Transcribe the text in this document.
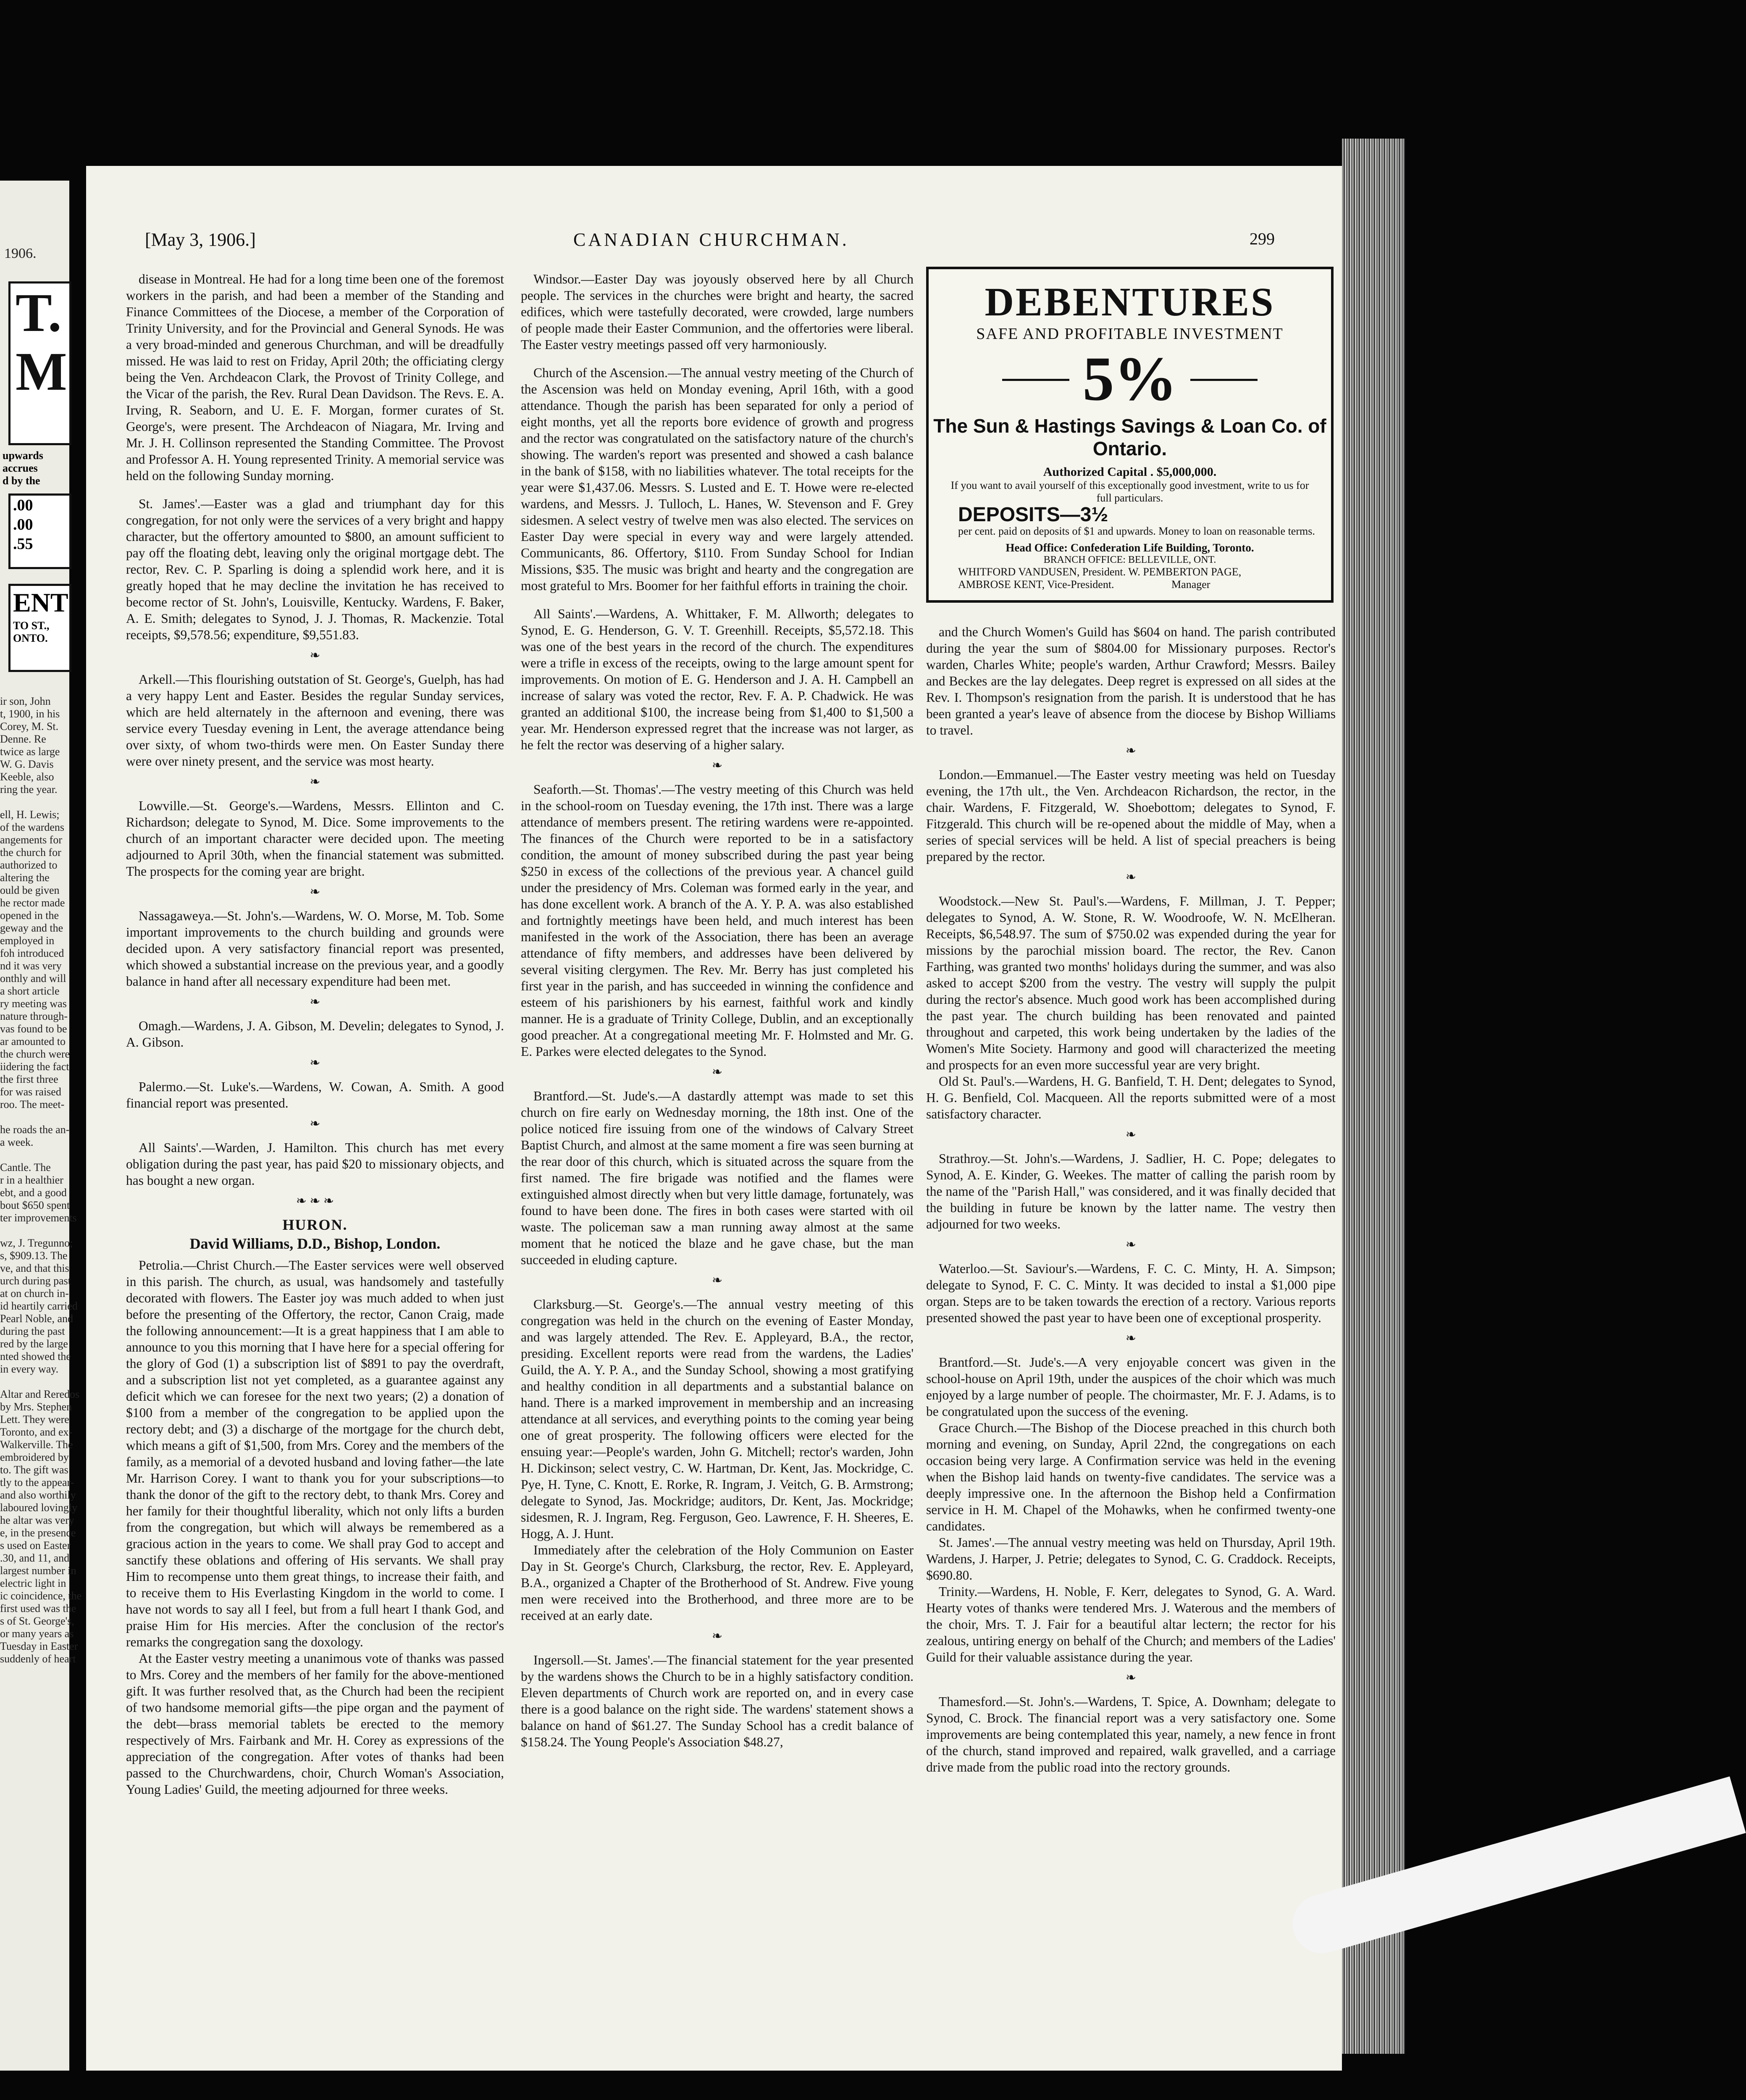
1906.
T.
M
upwards
accrues
d by the
.00
.00
.55
ENT
TO ST.,
ONTO.
ir son, John
t, 1900, in his
Corey, M. St.
Denne. Re
twice as large
W. G. Davis
Keeble, also
ring the year.

ell, H. Lewis;
of the wardens
angements for
the church for
authorized to
altering the
ould be given
he rector made
opened in the
geway and the
employed in
foh introduced
nd it was very
onthly and will
a short article
ry meeting was
nature through-
vas found to be
ar amounted to
the church were
iidering the fact
the first three
for was raised
roo. The meet-

he roads the an-
a week.

Cantle. The
r in a healthier
ebt, and a good
bout $650 spent
ter improvements

wz, J. Tregunno;
s, $909.13. The
ve, and that this
urch during past
at on church in-
id heartily carried
Pearl Noble, and
during the past
red by the large
nted showed the
in every way.

Altar and Reredos
by Mrs. Stephen
Lett. They were
Toronto, and ex-
Walkerville. The
embroidered by
to. The gift was
tly to the appear-
and also worthily
laboured lovingly
he altar was very
e, in the presence
s used on Easter
.30, and 11, and
largest number in
electric light in
ic coincidence, the
first used was the
s of St. George's,
or many years as
Tuesday in Easter
suddenly of heart
[May 3, 1906.]	CANADIAN CHURCHMAN.	299

disease in Montreal. He had for a long time been one of the foremost workers in the parish, and had been a member of the Standing and Finance Committees of the Diocese, a member of the Corporation of Trinity University, and for the Provincial and General Synods. He was a very broad-minded and generous Churchman, and will be dreadfully missed. He was laid to rest on Friday, April 20th; the officiating clergy being the Ven. Archdeacon Clark, the Provost of Trinity College, and the Vicar of the parish, the Rev. Rural Dean Davidson. The Revs. E. A. Irving, R. Seaborn, and U. E. F. Morgan, former curates of St. George's, were present. The Archdeacon of Niagara, Mr. Irving and Mr. J. H. Collinson represented the Standing Committee. The Provost and Professor A. H. Young represented Trinity. A memorial service was held on the following Sunday morning.

St. James'.—Easter was a glad and triumphant day for this congregation, for not only were the services of a very bright and happy character, but the offertory amounted to $800, an amount sufficient to pay off the floating debt, leaving only the original mortgage debt. The rector, Rev. C. P. Sparling is doing a splendid work here, and it is greatly hoped that he may decline the invitation he has received to become rector of St. John's, Louisville, Kentucky. Wardens, F. Baker, A. E. Smith; delegates to Synod, J. J. Thomas, R. Mackenzie. Total receipts, $9,578.56; expenditure, $9,551.83.

❧

Arkell.—This flourishing outstation of St. George's, Guelph, has had a very happy Lent and Easter. Besides the regular Sunday services, which are held alternately in the afternoon and evening, there was service every Tuesday evening in Lent, the average attendance being over sixty, of whom two-thirds were men. On Easter Sunday there were over ninety present, and the service was most hearty.

❧

Lowville.—St. George's.—Wardens, Messrs. Ellinton and C. Richardson; delegate to Synod, M. Dice. Some improvements to the church of an important character were decided upon. The meeting adjourned to April 30th, when the financial statement was submitted. The prospects for the coming year are bright.

❧

Nassagaweya.—St. John's.—Wardens, W. O. Morse, M. Tob. Some important improvements to the church building and grounds were decided upon. A very satisfactory financial report was presented, which showed a substantial increase on the previous year, and a goodly balance in hand after all necessary expenditure had been met.

❧

Omagh.—Wardens, J. A. Gibson, M. Develin; delegates to Synod, J. A. Gibson.

❧

Palermo.—St. Luke's.—Wardens, W. Cowan, A. Smith. A good financial report was presented.

❧

All Saints'.—Warden, J. Hamilton. This church has met every obligation during the past year, has paid $20 to missionary objects, and has bought a new organ.

❧ ❧ ❧
HURON.
David Williams, D.D., Bishop, London.

Petrolia.—Christ Church.—The Easter services were well observed in this parish. The church, as usual, was handsomely and tastefully decorated with flowers. The Easter joy was much added to when just before the presenting of the Offertory, the rector, Canon Craig, made the following announcement:—It is a great happiness that I am able to announce to you this morning that I have here for a special offering for the glory of God (1) a subscription list of $891 to pay the overdraft, and a subscription list not yet completed, as a guarantee against any deficit which we can foresee for the next two years; (2) a donation of $100 from a member of the congregation to be applied upon the rectory debt; and (3) a discharge of the mortgage for the church debt, which means a gift of $1,500, from Mrs. Corey and the members of the family, as a memorial of a devoted husband and loving father—the late Mr. Harrison Corey. I want to thank you for your subscriptions—to thank the donor of the gift to the rectory debt, to thank Mrs. Corey and her family for their thoughtful liberality, which not only lifts a burden from the congregation, but which will always be remembered as a gracious action in the years to come. We shall pray God to accept and sanctify these oblations and offering of His servants. We shall pray Him to recompense unto them great things, to increase their faith, and to receive them to His Everlasting Kingdom in the world to come. I have not words to say all I feel, but from a full heart I thank God, and praise Him for His mercies. After the conclusion of the rector's remarks the congregation sang the doxology.

At the Easter vestry meeting a unanimous vote of thanks was passed to Mrs. Corey and the members of her family for the above-mentioned gift. It was further resolved that, as the Church had been the recipient of two handsome memorial gifts—the pipe organ and the payment of the debt—brass memorial tablets be erected to the memory respectively of Mrs. Fairbank and Mr. H. Corey as expressions of the appreciation of the congregation. After votes of thanks had been passed to the Churchwardens, choir, Church Woman's Association, Young Ladies' Guild, the meeting adjourned for three weeks.

Windsor.—Easter Day was joyously observed here by all Church people. The services in the churches were bright and hearty, the sacred edifices, which were tastefully decorated, were crowded, large numbers of people made their Easter Communion, and the offertories were liberal. The Easter vestry meetings passed off very harmoniously.

Church of the Ascension.—The annual vestry meeting of the Church of the Ascension was held on Monday evening, April 16th, with a good attendance. Though the parish has been separated for only a period of eight months, yet all the reports bore evidence of growth and progress and the rector was congratulated on the satisfactory nature of the church's showing. The warden's report was presented and showed a cash balance in the bank of $158, with no liabilities whatever. The total receipts for the year were $1,437.06. Messrs. S. Lusted and E. T. Howe were re-elected wardens, and Messrs. J. Tulloch, L. Hanes, W. Stevenson and F. Grey sidesmen. A select vestry of twelve men was also elected. The services on Easter Day were special in every way and were largely attended. Communicants, 86. Offertory, $110. From Sunday School for Indian Missions, $35. The music was bright and hearty and the congregation are most grateful to Mrs. Boomer for her faithful efforts in training the choir.

All Saints'.—Wardens, A. Whittaker, F. M. Allworth; delegates to Synod, E. G. Henderson, G. V. T. Greenhill. Receipts, $5,572.18. This was one of the best years in the record of the church. The expenditures were a trifle in excess of the receipts, owing to the large amount spent for improvements. On motion of E. G. Henderson and J. A. H. Campbell an increase of salary was voted the rector, Rev. F. A. P. Chadwick. He was granted an additional $100, the increase being from $1,400 to $1,500 a year. Mr. Henderson expressed regret that the increase was not larger, as he felt the rector was deserving of a higher salary.

❧

Seaforth.—St. Thomas'.—The vestry meeting of this Church was held in the school-room on Tuesday evening, the 17th inst. There was a large attendance of members present. The retiring wardens were re-appointed. The finances of the Church were reported to be in a satisfactory condition, the amount of money subscribed during the past year being $250 in excess of the collections of the previous year. A chancel guild under the presidency of Mrs. Coleman was formed early in the year, and has done excellent work. A branch of the A. Y. P. A. was also established and fortnightly meetings have been held, and much interest has been manifested in the work of the Association, there has been an average attendance of fifty members, and addresses have been delivered by several visiting clergymen. The Rev. Mr. Berry has just completed his first year in the parish, and has succeeded in winning the confidence and esteem of his parishioners by his earnest, faithful work and kindly manner. He is a graduate of Trinity College, Dublin, and an exceptionally good preacher. At a congregational meeting Mr. F. Holmsted and Mr. G. E. Parkes were elected delegates to the Synod.

❧

Brantford.—St. Jude's.—A dastardly attempt was made to set this church on fire early on Wednesday morning, the 18th inst. One of the police noticed fire issuing from one of the windows of Calvary Street Baptist Church, and almost at the same moment a fire was seen burning at the rear door of this church, which is situated across the square from the first named. The fire brigade was notified and the flames were extinguished almost directly when but very little damage, fortunately, was found to have been done. The fires in both cases were started with oil waste. The policeman saw a man running away almost at the same moment that he noticed the blaze and he gave chase, but the man succeeded in eluding capture.

❧

Clarksburg.—St. George's.—The annual vestry meeting of this congregation was held in the church on the evening of Easter Monday, and was largely attended. The Rev. E. Appleyard, B.A., the rector, presiding. Excellent reports were read from the wardens, the Ladies' Guild, the A. Y. P. A., and the Sunday School, showing a most gratifying and healthy condition in all departments and a substantial balance on hand. There is a marked improvement in membership and an increasing attendance at all services, and everything points to the coming year being one of great prosperity. The following officers were elected for the ensuing year:—People's warden, John G. Mitchell; rector's warden, John H. Dickinson; select vestry, C. W. Hartman, Dr. Kent, Jas. Mockridge, C. Pye, H. Tyne, C. Knott, E. Rorke, R. Ingram, J. Veitch, G. B. Armstrong; delegate to Synod, Jas. Mockridge; auditors, Dr. Kent, Jas. Mockridge; sidesmen, R. J. Ingram, Reg. Ferguson, Geo. Lawrence, F. H. Sheeres, E. Hogg, A. J. Hunt.

Immediately after the celebration of the Holy Communion on Easter Day in St. George's Church, Clarksburg, the rector, Rev. E. Appleyard, B.A., organized a Chapter of the Brotherhood of St. Andrew. Five young men were received into the Brotherhood, and three more are to be received at an early date.

❧

Ingersoll.—St. James'.—The financial statement for the year presented by the wardens shows the Church to be in a highly satisfactory condition. Eleven departments of Church work are reported on, and in every case there is a good balance on the right side. The wardens' statement shows a balance on hand of $61.27. The Sunday School has a credit balance of $158.24. The Young People's Association $48.27,

DEBENTURES
SAFE AND PROFITABLE INVESTMENT
5%
The Sun & Hastings Savings & Loan Co. of Ontario.
Authorized Capital . $5,000,000.
If you want to avail yourself of this exceptionally good investment, write to us for full particulars.
DEPOSITS—3½
per cent. paid on deposits of $1 and upwards. Money to loan on reasonable terms.
Head Office: Confederation Life Building, Toronto.
BRANCH OFFICE: BELLEVILLE, ONT.
WHITFORD VANDUSEN, President. W. PEMBERTON PAGE,
AMBROSE KENT, Vice-President.                     Manager

and the Church Women's Guild has $604 on hand. The parish contributed during the year the sum of $804.00 for Missionary purposes. Rector's warden, Charles White; people's warden, Arthur Crawford; Messrs. Bailey and Beckes are the lay delegates. Deep regret is expressed on all sides at the Rev. I. Thompson's resignation from the parish. It is understood that he has been granted a year's leave of absence from the diocese by Bishop Williams to travel.

❧

London.—Emmanuel.—The Easter vestry meeting was held on Tuesday evening, the 17th ult., the Ven. Archdeacon Richardson, the rector, in the chair. Wardens, F. Fitzgerald, W. Shoebottom; delegates to Synod, F. Fitzgerald. This church will be re-opened about the middle of May, when a series of special services will be held. A list of special preachers is being prepared by the rector.

❧

Woodstock.—New St. Paul's.—Wardens, F. Millman, J. T. Pepper; delegates to Synod, A. W. Stone, R. W. Woodroofe, W. N. McElheran. Receipts, $6,548.97. The sum of $750.02 was expended during the year for missions by the parochial mission board. The rector, the Rev. Canon Farthing, was granted two months' holidays during the summer, and was also asked to accept $200 from the vestry. The vestry will supply the pulpit during the rector's absence. Much good work has been accomplished during the past year. The church building has been renovated and painted throughout and carpeted, this work being undertaken by the ladies of the Women's Mite Society. Harmony and good will characterized the meeting and prospects for an even more successful year are very bright.

Old St. Paul's.—Wardens, H. G. Banfield, T. H. Dent; delegates to Synod, H. G. Benfield, Col. Macqueen. All the reports submitted were of a most satisfactory character.

❧

Strathroy.—St. John's.—Wardens, J. Sadlier, H. C. Pope; delegates to Synod, A. E. Kinder, G. Weekes. The matter of calling the parish room by the name of the "Parish Hall," was considered, and it was finally decided that the building in future be known by the latter name. The vestry then adjourned for two weeks.

❧

Waterloo.—St. Saviour's.—Wardens, F. C. C. Minty, H. A. Simpson; delegate to Synod, F. C. C. Minty. It was decided to instal a $1,000 pipe organ. Steps are to be taken towards the erection of a rectory. Various reports presented showed the past year to have been one of exceptional prosperity.

❧

Brantford.—St. Jude's.—A very enjoyable concert was given in the school-house on April 19th, under the auspices of the choir which was much enjoyed by a large number of people. The choirmaster, Mr. F. J. Adams, is to be congratulated upon the success of the evening.

Grace Church.—The Bishop of the Diocese preached in this church both morning and evening, on Sunday, April 22nd, the congregations on each occasion being very large. A Confirmation service was held in the evening when the Bishop laid hands on twenty-five candidates. The service was a deeply impressive one. In the afternoon the Bishop held a Confirmation service in H. M. Chapel of the Mohawks, when he confirmed twenty-one candidates.

St. James'.—The annual vestry meeting was held on Thursday, April 19th. Wardens, J. Harper, J. Petrie; delegates to Synod, C. G. Craddock. Receipts, $690.80.

Trinity.—Wardens, H. Noble, F. Kerr, delegates to Synod, G. A. Ward. Hearty votes of thanks were tendered Mrs. J. Waterous and the members of the choir, Mrs. T. J. Fair for a beautiful altar lectern; the rector for his zealous, untiring energy on behalf of the Church; and members of the Ladies' Guild for their valuable assistance during the year.

❧

Thamesford.—St. John's.—Wardens, T. Spice, A. Downham; delegate to Synod, C. Brock. The financial report was a very satisfactory one. Some improvements are being contemplated this year, namely, a new fence in front of the church, stand improved and repaired, walk gravelled, and a carriage drive made from the public road into the rectory grounds.
